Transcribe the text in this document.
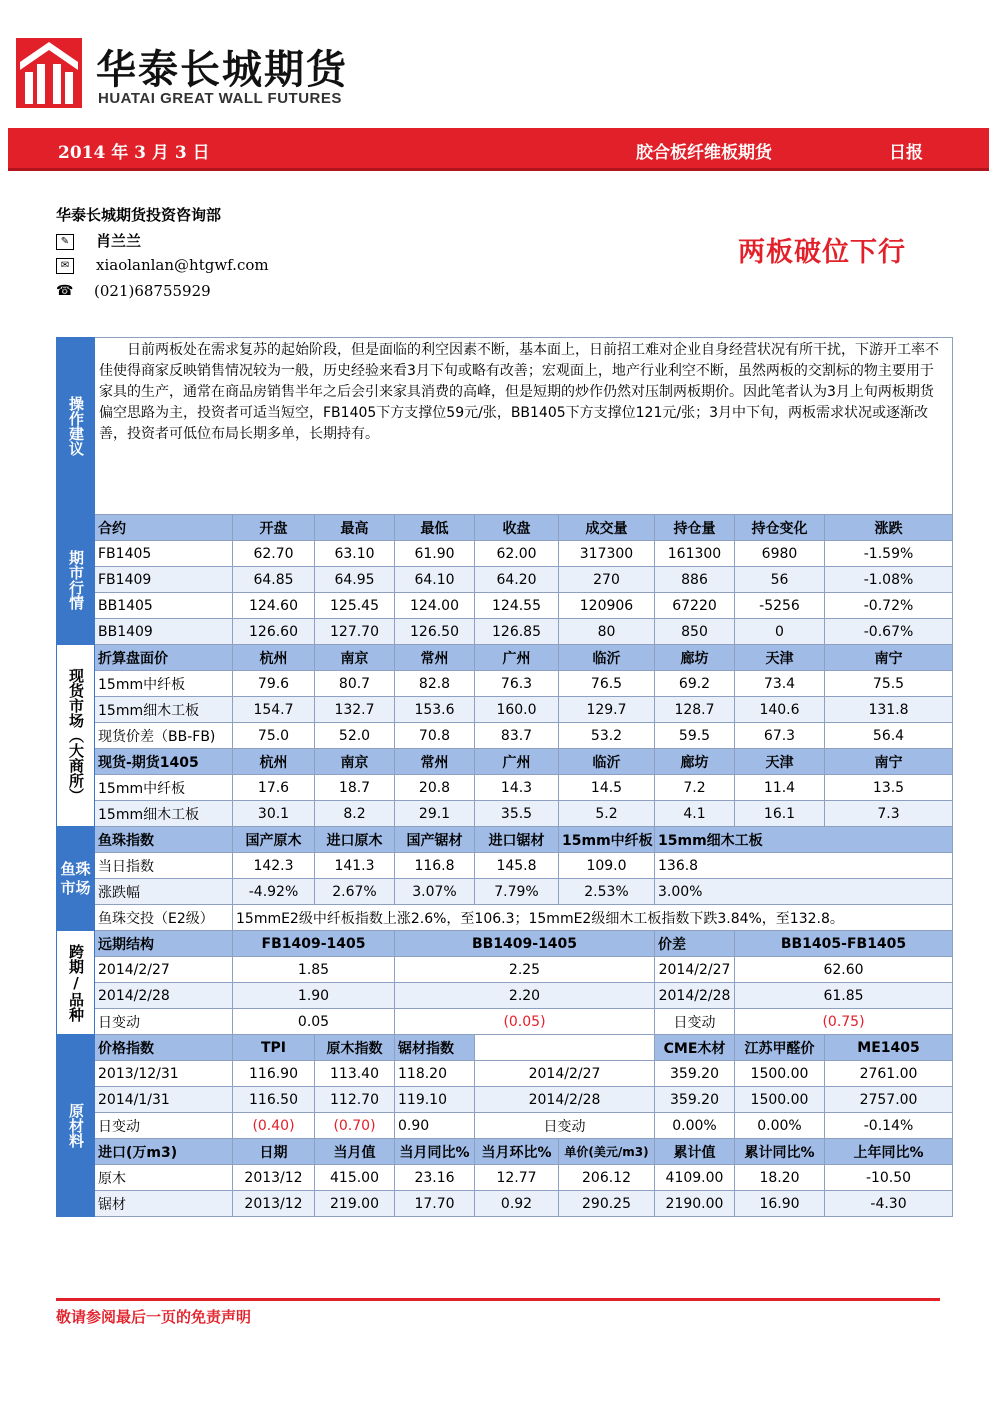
华泰长城期货
HUATAI GREAT WALL FUTURES
2014 年 3 月 3 日	胶合板纤维板期货	日报
华泰长城期货投资咨询部
✎ 肖兰兰
✉ xiaolanlan@htgwf.com
☎ (021)68755929
两板破位下行
操作建议	　　日前两板处在需求复苏的起始阶段，但是面临的利空因素不断，基本面上，日前招工难对企业自身经营状况有所干扰，下游开工率不佳使得商家反映销售情况较为一般，历史经验来看3月下旬或略有改善；宏观面上，地产行业利空不断，虽然两板的交割标的物主要用于家具的生产，通常在商品房销售半年之后会引来家具消费的高峰，但是短期的炒作仍然对压制两板期价。因此笔者认为3月上旬两板期货偏空思路为主，投资者可适当短空，FB1405下方支撑位59元/张，BB1405下方支撑位121元/张；3月中下旬，两板需求状况或逐渐改善，投资者可低位布局长期多单，长期持有。								
期市行情	合约	开盘	最高	最低	收盘	成交量	持仓量	持仓变化	涨跌
	FB1405	62.70	63.10	61.90	62.00	317300	161300	6980	-1.59%
	FB1409	64.85	64.95	64.10	64.20	270	886	56	-1.08%
	BB1405	124.60	125.45	124.00	124.55	120906	67220	-5256	-0.72%
	BB1409	126.60	127.70	126.50	126.85	80	850	0	-0.67%
现货市场（大商所）	折算盘面价	杭州	南京	常州	广州	临沂	廊坊	天津	南宁
	15mm中纤板	79.6	80.7	82.8	76.3	76.5	69.2	73.4	75.5
	15mm细木工板	154.7	132.7	153.6	160.0	129.7	128.7	140.6	131.8
	现货价差（BB-FB)	75.0	52.0	70.8	83.7	53.2	59.5	67.3	56.4
	现货-期货1405	杭州	南京	常州	广州	临沂	廊坊	天津	南宁
	15mm中纤板	17.6	18.7	20.8	14.3	14.5	7.2	11.4	13.5
	15mm细木工板	30.1	8.2	29.1	35.5	5.2	4.1	16.1	7.3
鱼珠市场	鱼珠指数	国产原木	进口原木	国产锯材	进口锯材	15mm中纤板	15mm细木工板		
	当日指数	142.3	141.3	116.8	145.8	109.0	136.8		
	涨跌幅	-4.92%	2.67%	3.07%	7.79%	2.53%	3.00%		
	鱼珠交投（E2级）	15mmE2级中纤板指数上涨2.6%，至106.3；15mmE2级细木工板指数下跌3.84%，至132.8。							
跨期/品种	远期结构	FB1409-1405		BB1409-1405			价差	BB1405-FB1405	
	2014/2/27	1.85		2.25			2014/2/27	62.60	
	2014/2/28	1.90		2.20			2014/2/28	61.85	
	日变动	0.05		(0.05)			日变动	(0.75)	
原材料	价格指数	TPI	原木指数	锯材指数			CME木材	江苏甲醛价	ME1405
	2013/12/31	116.90	113.40	118.20	2014/2/27		359.20	1500.00	2761.00
	2014/1/31	116.50	112.70	119.10	2014/2/28		359.20	1500.00	2757.00
	日变动	(0.40)	(0.70)	0.90	日变动		0.00%	0.00%	-0.14%
	进口(万m3)	日期	当月值	当月同比%	当月环比%	单价(美元/m3)	累计值	累计同比%	上年同比%
	原木	2013/12	415.00	23.16	12.77	206.12	4109.00	18.20	-10.50
	锯材	2013/12	219.00	17.70	0.92	290.25	2190.00	16.90	-4.30
敬请参阅最后一页的免责声明
